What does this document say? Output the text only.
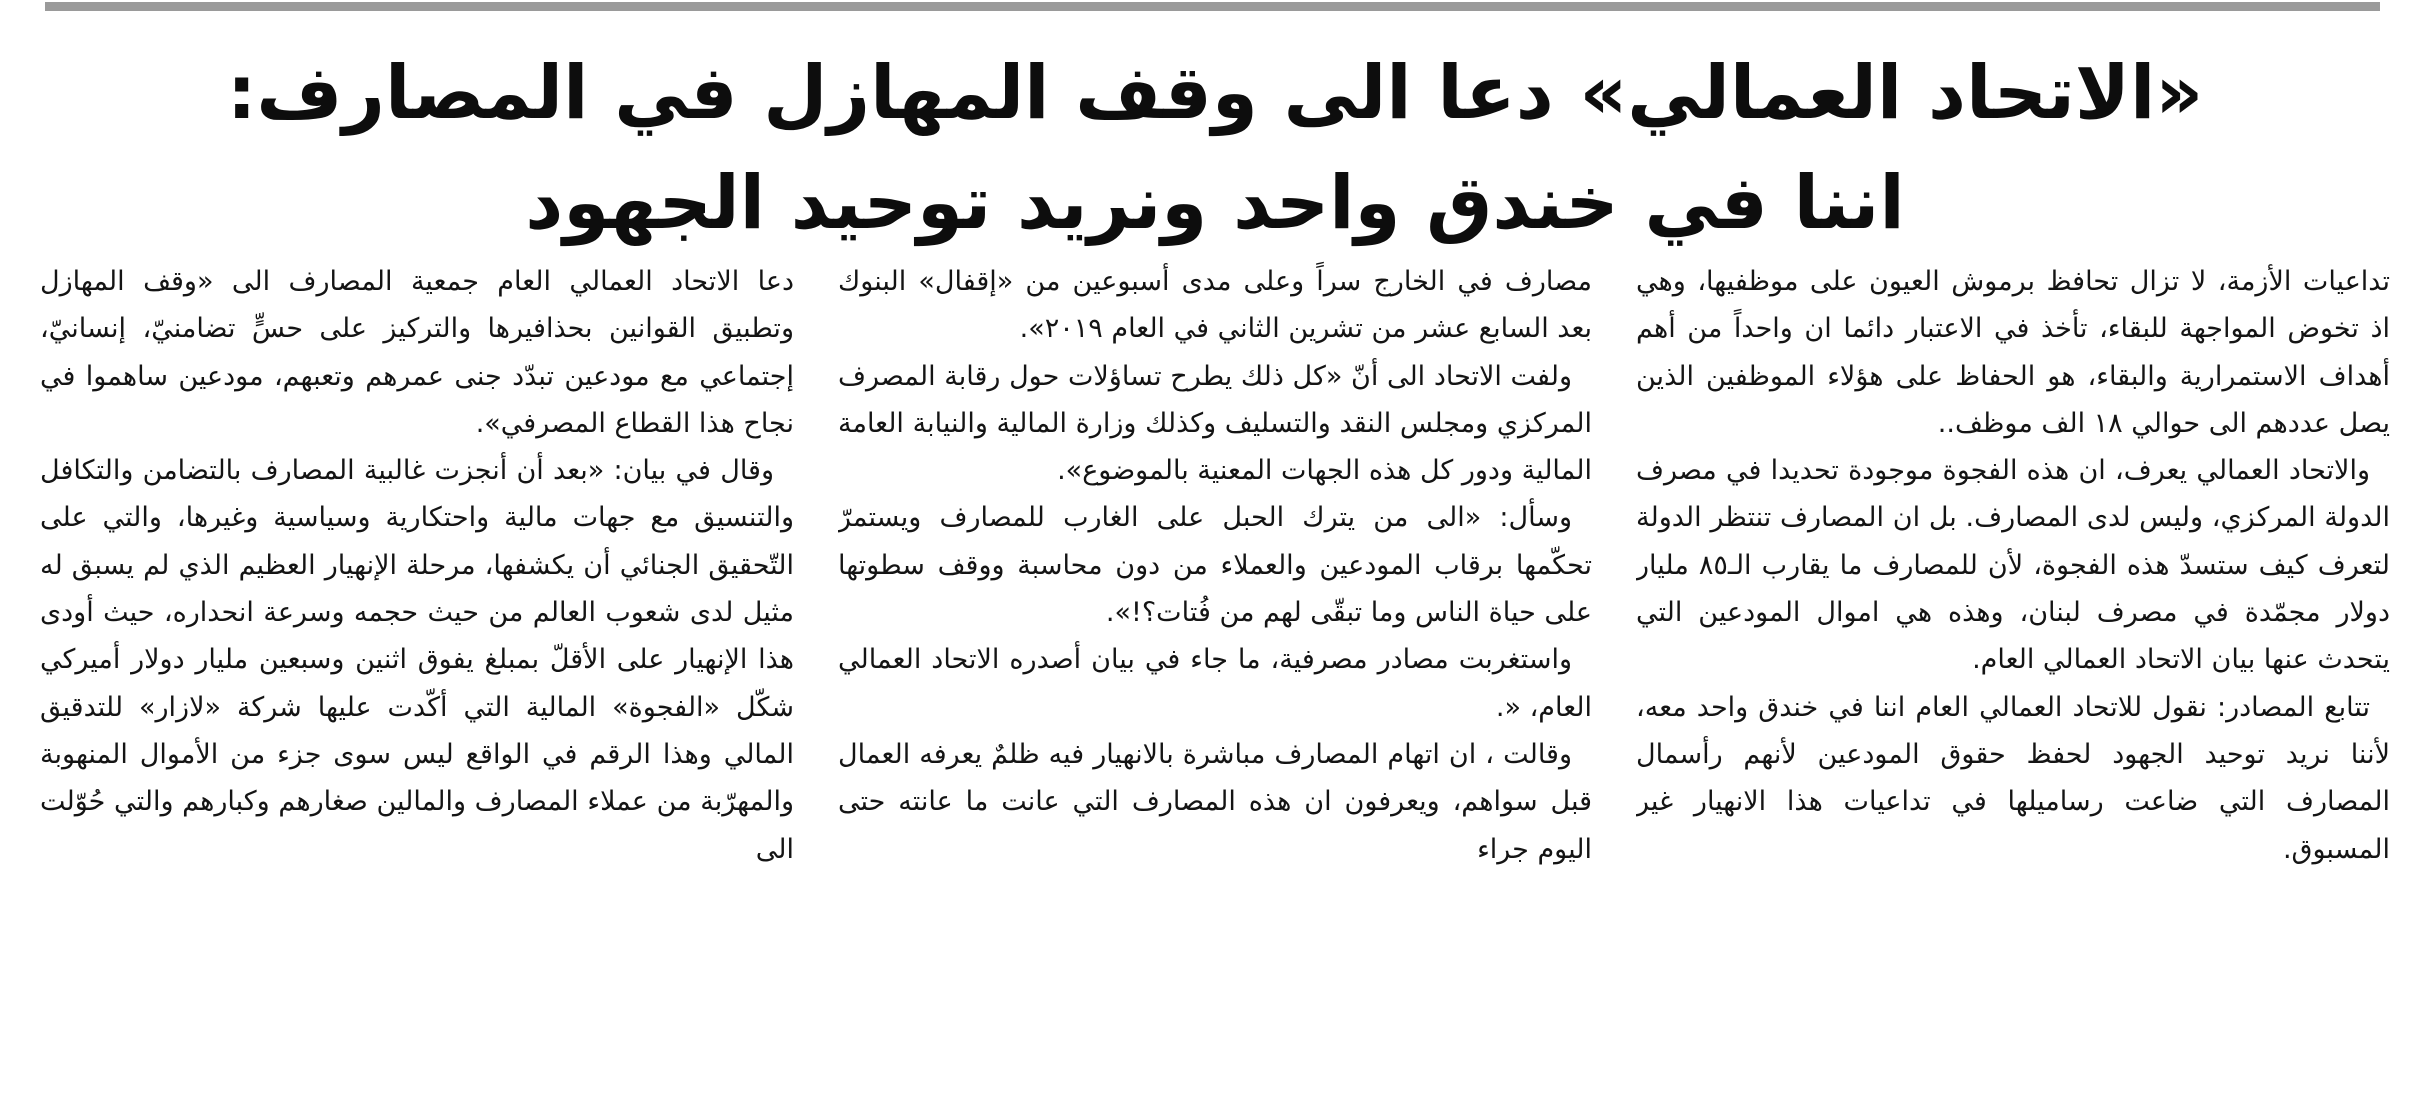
«الاتحاد العمالي» دعا الى وقف المهازل في المصارف:
اننا في خندق واحد ونريد توحيد الجهود

دعا الاتحاد العمالي العام جمعية المصارف الى «وقف المهازل وتطبيق القوانين بحذافيرها والتركيز على حسٍّ تضامنيّ، إنسانيّ، إجتماعي مع مودعين تبدّد جنى عمرهم وتعبهم، مودعين ساهموا في نجاح هذا القطاع المصرفي».

وقال في بيان: «بعد أن أنجزت غالبية المصارف بالتضامن والتكافل والتنسيق مع جهات مالية واحتكارية وسياسية وغيرها، والتي على التّحقيق الجنائي أن يكشفها، مرحلة الإنهيار العظيم الذي لم يسبق له مثيل لدى شعوب العالم من حيث حجمه وسرعة انحداره، حيث أودى هذا الإنهيار على الأقلّ بمبلغ يفوق اثنين وسبعين مليار دولار أميركي شكّل «الفجوة» المالية التي أكّدت عليها شركة «لازار» للتدقيق المالي وهذا الرقم في الواقع ليس سوى جزء من الأموال المنهوبة والمهرّبة من عملاء المصارف والمالين صغارهم وكبارهم والتي حُوّلت الى

مصارف في الخارج سراً وعلى مدى أسبوعين من «إقفال» البنوك بعد السابع عشر من تشرين الثاني في العام ٢٠١٩».

ولفت الاتحاد الى أنّ «كل ذلك يطرح تساؤلات حول رقابة المصرف المركزي ومجلس النقد والتسليف وكذلك وزارة المالية والنيابة العامة المالية ودور كل هذه الجهات المعنية بالموضوع».

وسأل: «الى من يترك الحبل على الغارب للمصارف ويستمرّ تحكّمها برقاب المودعين والعملاء من دون محاسبة ووقف سطوتها على حياة الناس وما تبقّى لهم من فُتات؟!».

واستغربت مصادر مصرفية، ما جاء في بيان أصدره الاتحاد العمالي العام، «.

وقالت ، ان اتهام المصارف مباشرة بالانهيار فيه ظلمٌ يعرفه العمال قبل سواهم، ويعرفون ان هذه المصارف التي عانت ما عانته حتى اليوم جراء

تداعيات الأزمة، لا تزال تحافظ برموش العيون على موظفيها، وهي اذ تخوض المواجهة للبقاء، تأخذ في الاعتبار دائما ان واحداً من أهم أهداف الاستمرارية والبقاء، هو الحفاظ على هؤلاء الموظفين الذين يصل عددهم الى حوالي ١٨ الف موظف..

والاتحاد العمالي يعرف، ان هذه الفجوة موجودة تحديدا في مصرف الدولة المركزي، وليس لدى المصارف. بل ان المصارف تنتظر الدولة لتعرف كيف ستسدّ هذه الفجوة، لأن للمصارف ما يقارب الـ٨٥ مليار دولار مجمّدة في مصرف لبنان، وهذه هي اموال المودعين التي يتحدث عنها بيان الاتحاد العمالي العام.

تتابع المصادر: نقول للاتحاد العمالي العام اننا في خندق واحد معه، لأننا نريد توحيد الجهود لحفظ حقوق المودعين لأنهم رأسمال المصارف التي ضاعت رساميلها في تداعيات هذا الانهيار غير المسبوق.
